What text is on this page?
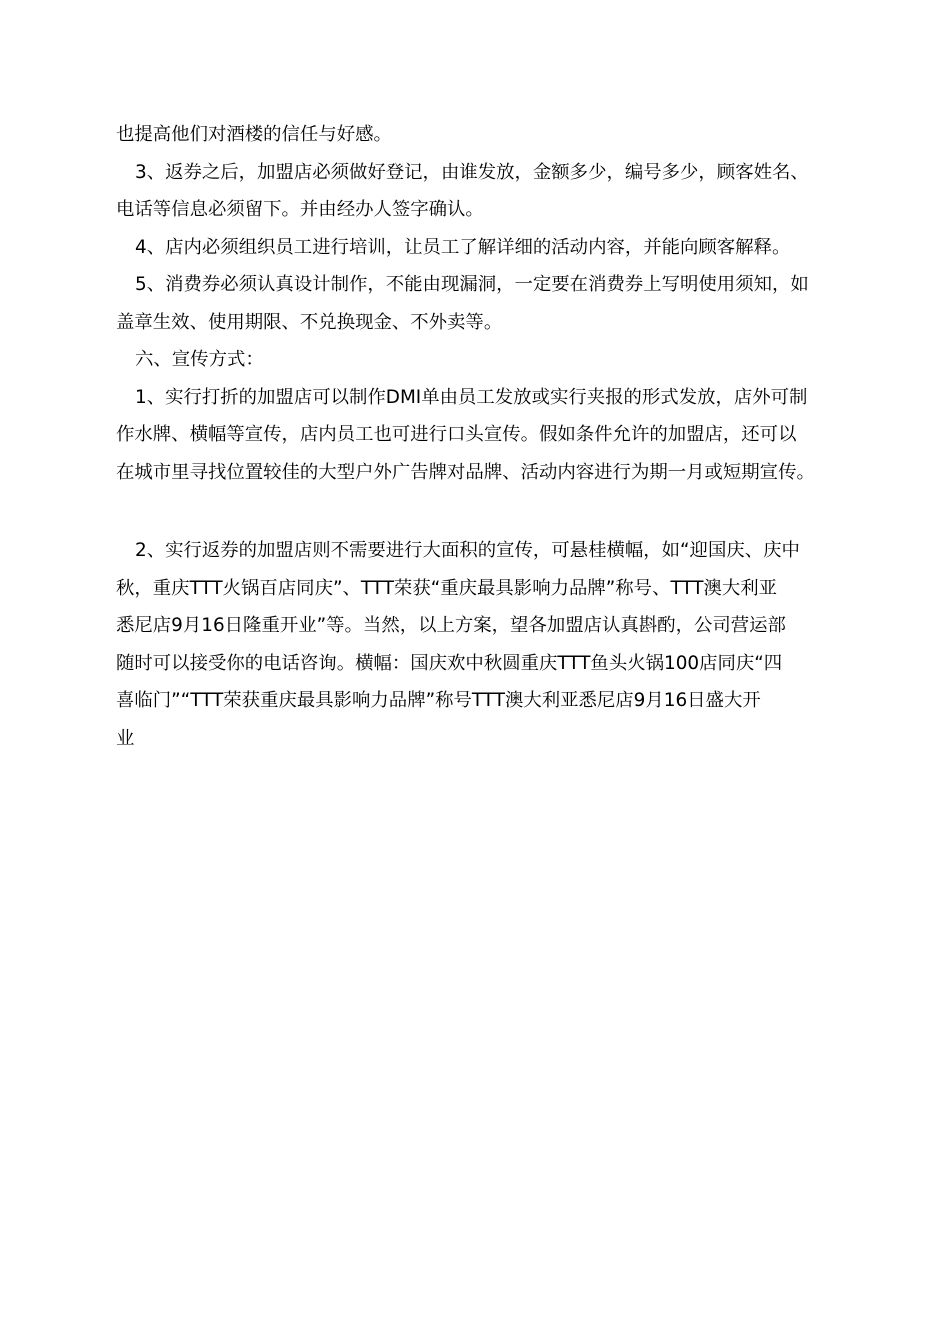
也提高他们对酒楼的信任与好感。
3、返券之后，加盟店必须做好登记，由谁发放，金额多少，编号多少，顾客姓名、
电话等信息必须留下。并由经办人签字确认。
4、店内必须组织员工进行培训，让员工了解详细的活动内容，并能向顾客解释。
5、消费券必须认真设计制作，不能由现漏洞，一定要在消费券上写明使用须知，如
盖章生效、使用期限、不兑换现金、不外卖等。
六、宣传方式：
1、实行打折的加盟店可以制作DMI单由员工发放或实行夹报的形式发放，店外可制
作水牌、横幅等宣传，店内员工也可进行口头宣传。假如条件允许的加盟店，还可以
在城市里寻找位置较佳的大型户外广告牌对品牌、活动内容进行为期一月或短期宣传。
2、实行返券的加盟店则不需要进行大面积的宣传，可悬桂横幅，如“迎国庆、庆中
秋，重庆TTT火锅百店同庆”、TTT荣获“重庆最具影响力品牌”称号、TTT澳大利亚
悉尼店9月16日隆重开业”等。当然，以上方案，望各加盟店认真斟酌，公司营运部
随时可以接受你的电话咨询。横幅：国庆欢中秋圆重庆TTT鱼头火锅100店同庆“四
喜临门”“TTT荣获重庆最具影响力品牌”称号TTT澳大利亚悉尼店9月16日盛大开
业
